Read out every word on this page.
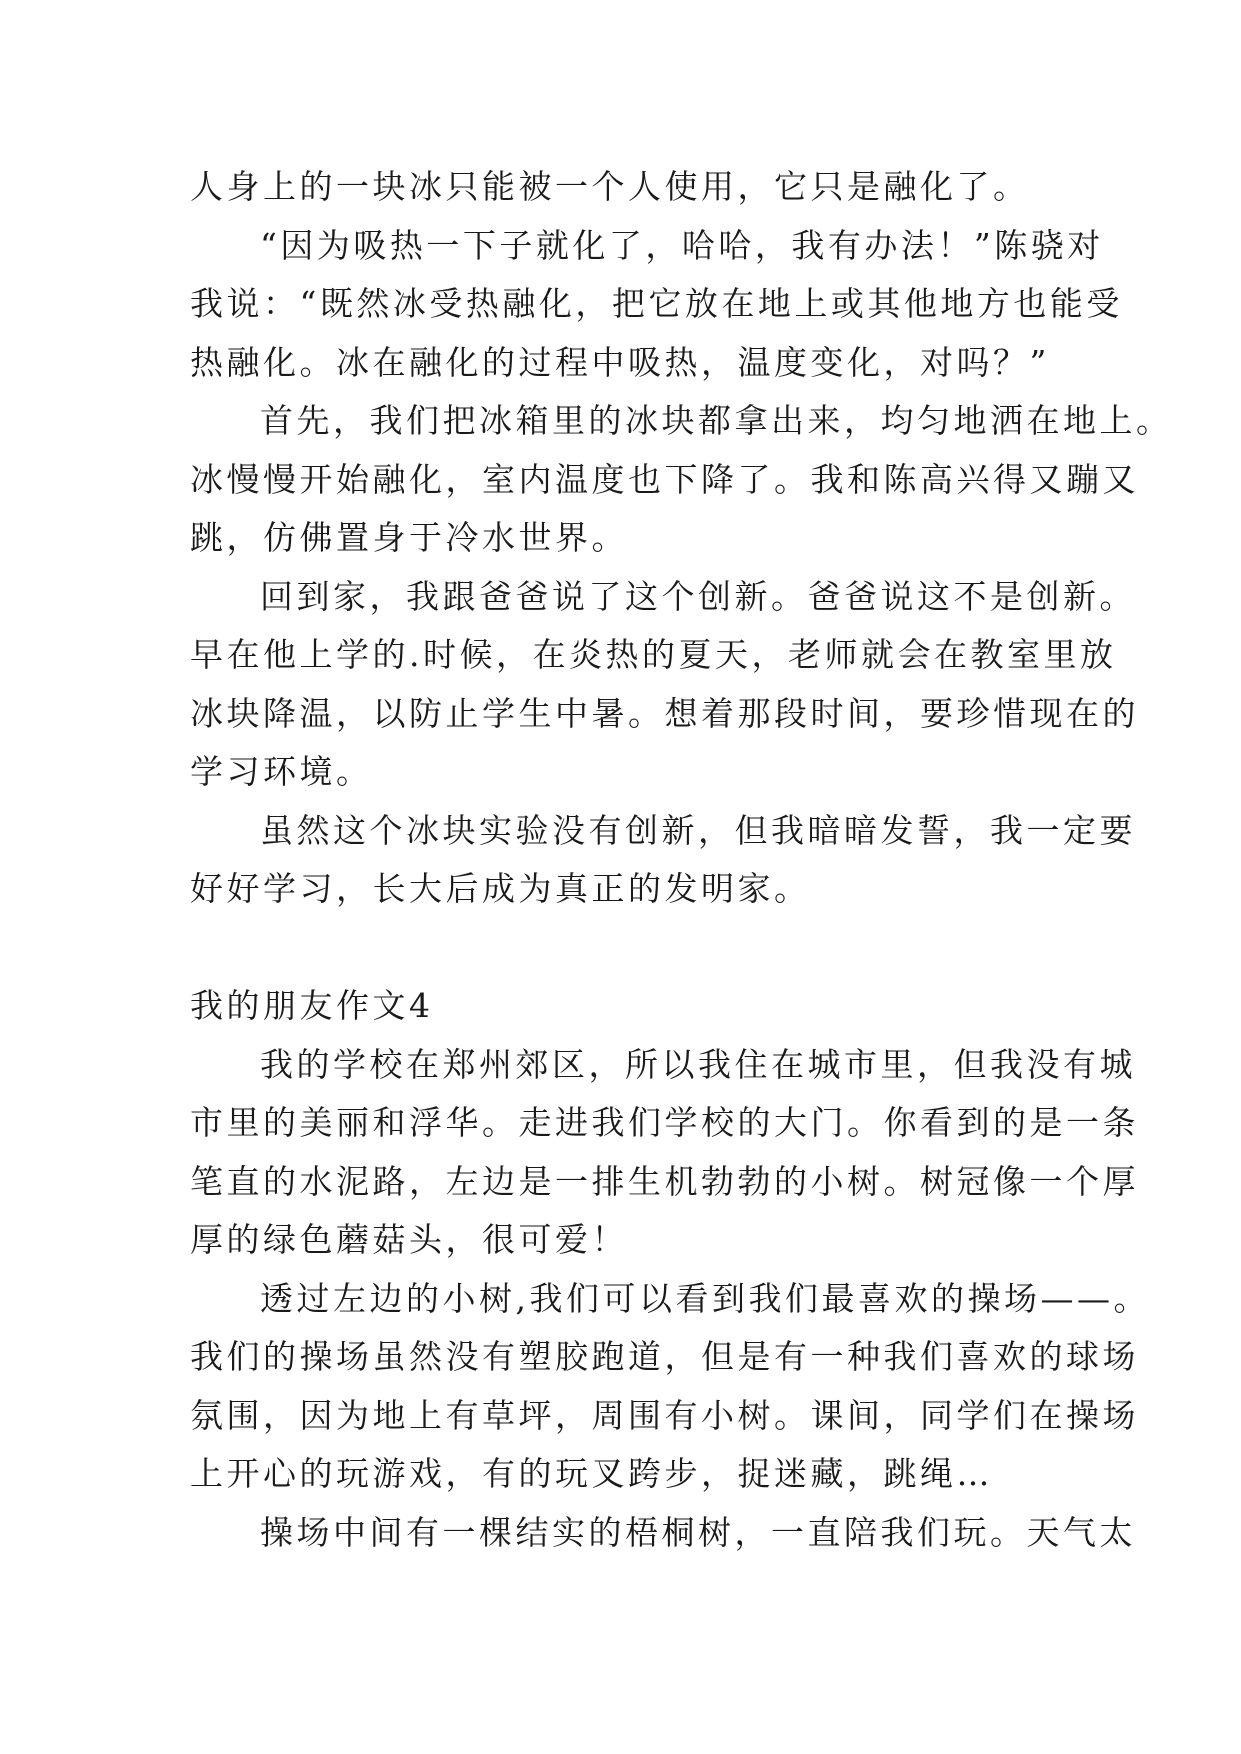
人身上的一块冰只能被一个人使用，它只是融化了。
“因为吸热一下子就化了，哈哈，我有办法！”陈骁对
我说：“既然冰受热融化，把它放在地上或其他地方也能受
热融化。冰在融化的过程中吸热，温度变化，对吗？”
首先，我们把冰箱里的冰块都拿出来，均匀地洒在地上。
冰慢慢开始融化，室内温度也下降了。我和陈高兴得又蹦又
跳，仿佛置身于冷水世界。
回到家，我跟爸爸说了这个创新。爸爸说这不是创新。
早在他上学的.时候，在炎热的夏天，老师就会在教室里放
冰块降温，以防止学生中暑。想着那段时间，要珍惜现在的
学习环境。
虽然这个冰块实验没有创新，但我暗暗发誓，我一定要
好好学习，长大后成为真正的发明家。
我的朋友作文4
我的学校在郑州郊区，所以我住在城市里，但我没有城
市里的美丽和浮华。走进我们学校的大门。你看到的是一条
笔直的水泥路，左边是一排生机勃勃的小树。树冠像一个厚
厚的绿色蘑菇头，很可爱！
透过左边的小树,我们可以看到我们最喜欢的操场——。
我们的操场虽然没有塑胶跑道，但是有一种我们喜欢的球场
氛围，因为地上有草坪，周围有小树。课间，同学们在操场
上开心的玩游戏，有的玩叉跨步，捉迷藏，跳绳…
操场中间有一棵结实的梧桐树，一直陪我们玩。天气太
